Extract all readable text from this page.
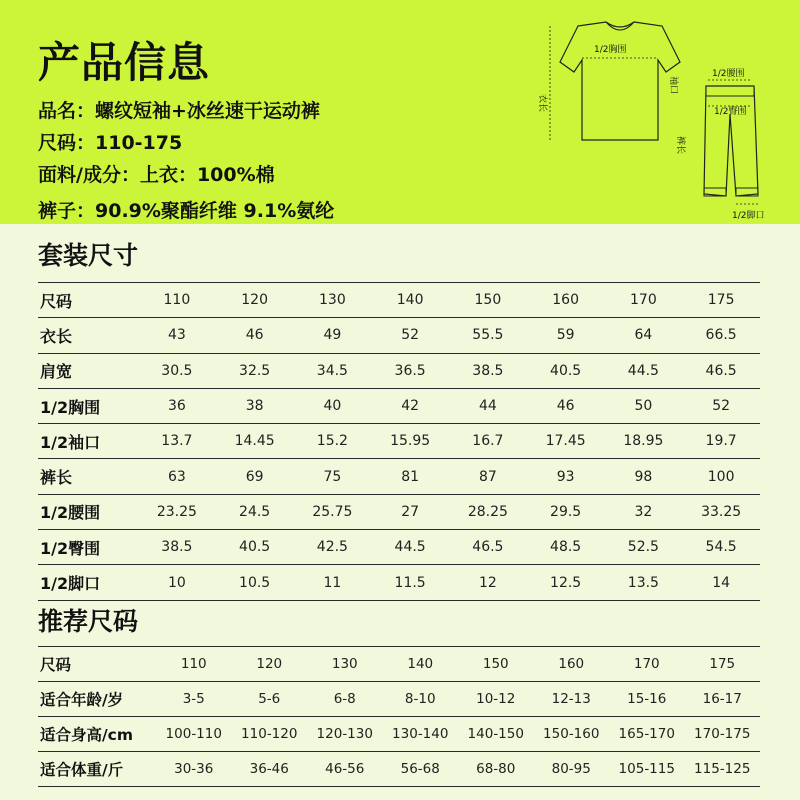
产品信息
品名：螺纹短袖+冰丝速干运动裤
尺码：110-175
面料/成分：上衣：100%棉
裤子：90.9%聚酯纤维 9.1%氨纶
1/2胸围
衣长
袖口
1/2腰围
1/2臀围
裤长
1/2脚口
套装尺寸
尺码	110	120	130	140	150	160	170	175
衣长	43	46	49	52	55.5	59	64	66.5
肩宽	30.5	32.5	34.5	36.5	38.5	40.5	44.5	46.5
1/2胸围	36	38	40	42	44	46	50	52
1/2袖口	13.7	14.45	15.2	15.95	16.7	17.45	18.95	19.7
裤长	63	69	75	81	87	93	98	100
1/2腰围	23.25	24.5	25.75	27	28.25	29.5	32	33.25
1/2臀围	38.5	40.5	42.5	44.5	46.5	48.5	52.5	54.5
1/2脚口	10	10.5	11	11.5	12	12.5	13.5	14
推荐尺码
尺码	110	120	130	140	150	160	170	175
适合年龄/岁	3-5	5-6	6-8	8-10	10-12	12-13	15-16	16-17
适合身高/cm	100-110	110-120	120-130	130-140	140-150	150-160	165-170	170-175
适合体重/斤	30-36	36-46	46-56	56-68	68-80	80-95	105-115	115-125
